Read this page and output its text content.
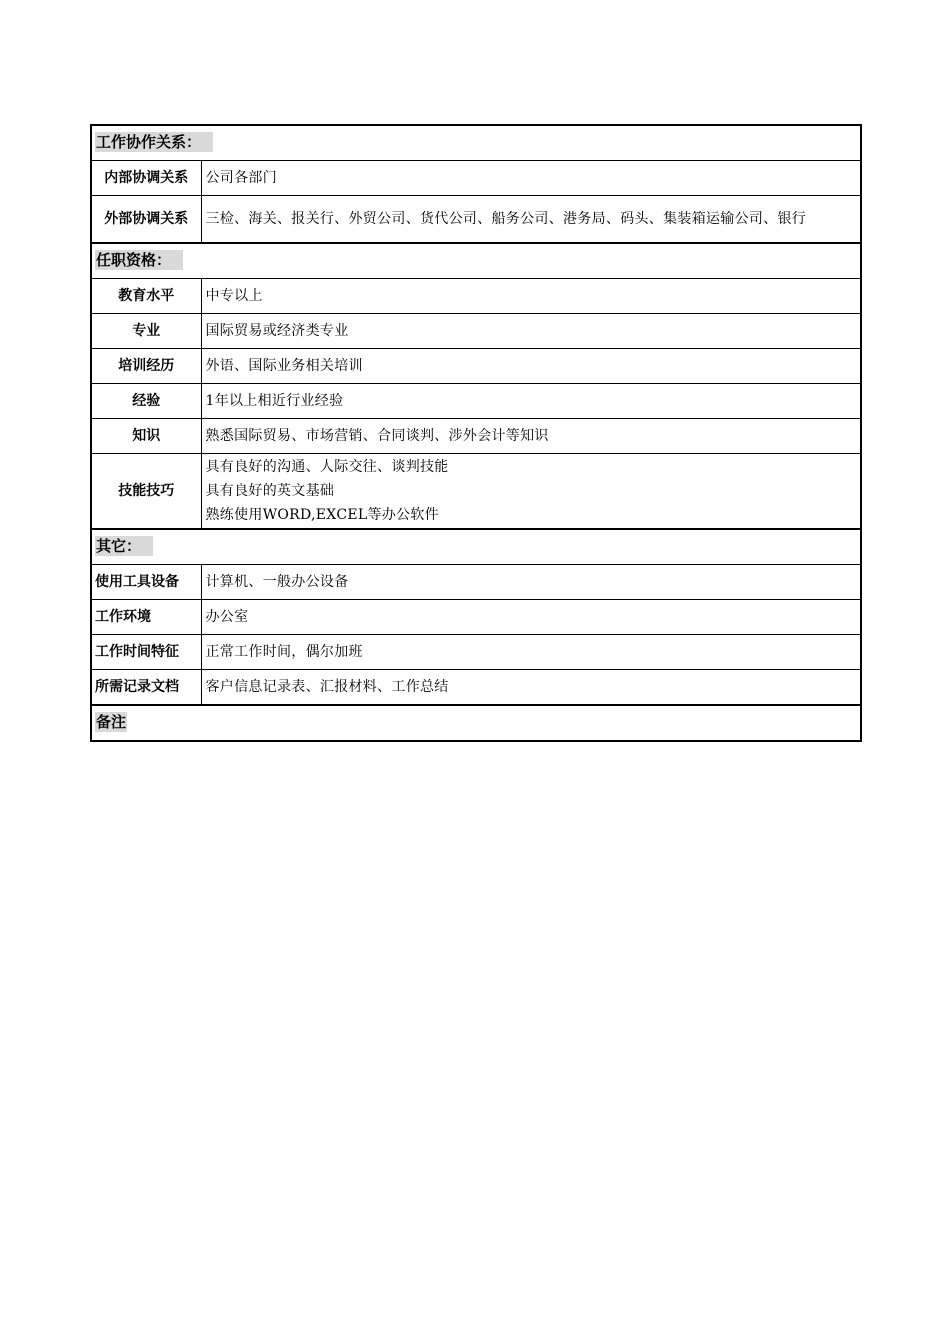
工作协作关系：	
内部协调关系	公司各部门
外部协调关系	三检、海关、报关行、外贸公司、货代公司、船务公司、港务局、码头、集装箱运输公司、银行
任职资格：	
教育水平	中专以上
专业	国际贸易或经济类专业
培训经历	外语、国际业务相关培训
经验	1年以上相近行业经验
知识	熟悉国际贸易、市场营销、合同谈判、涉外会计等知识
技能技巧	具有良好的沟通、人际交往、谈判技能
具有良好的英文基础
熟练使用WORD,EXCEL等办公软件

其它：	
使用工具设备	计算机、一般办公设备
工作环境	办公室
工作时间特征	正常工作时间，偶尔加班
所需记录文档	客户信息记录表、汇报材料、工作总结
备注	
